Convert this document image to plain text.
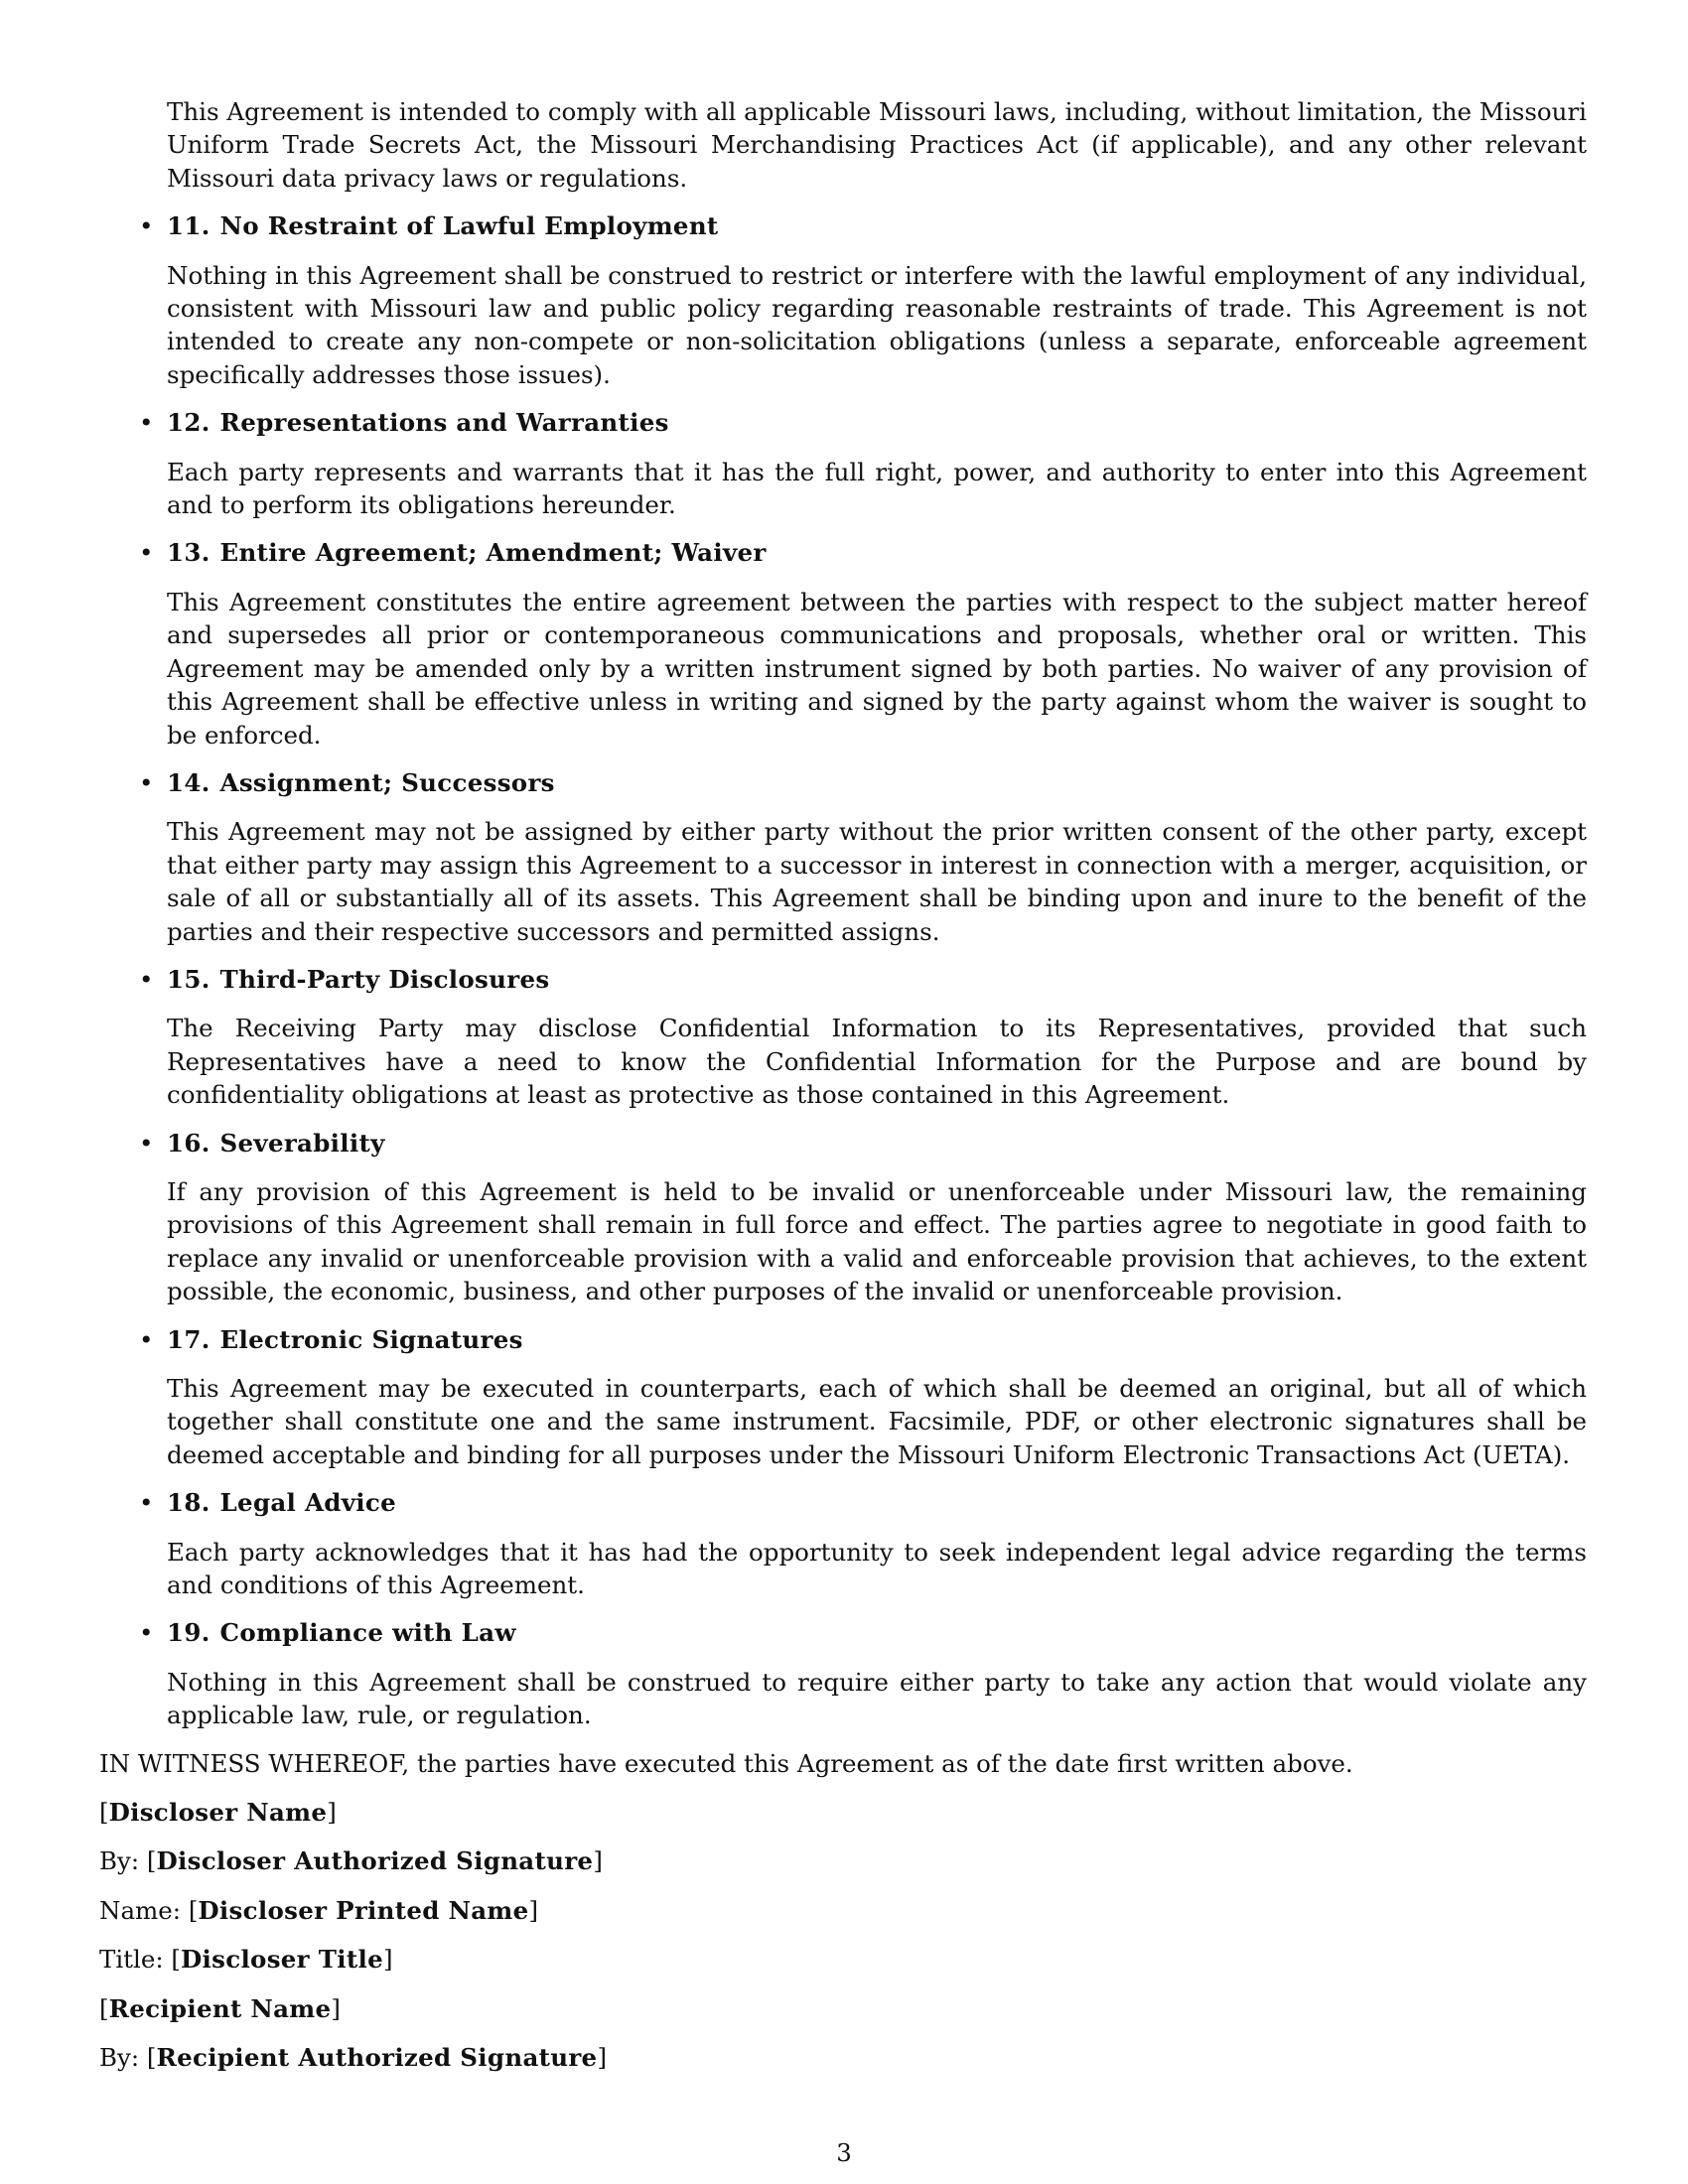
This Agreement is intended to comply with all applicable Missouri laws, including, without limitation, the Missouri Uniform Trade Secrets Act, the Missouri Merchandising Practices Act (if applicable), and any other relevant Missouri data privacy laws or regulations.

• 11. No Restraint of Lawful Employment

Nothing in this Agreement shall be construed to restrict or interfere with the lawful employment of any individual, consistent with Missouri law and public policy regarding reasonable restraints of trade. This Agreement is not intended to create any non-compete or non-solicitation obligations (unless a separate, enforceable agreement specifically addresses those issues).

• 12. Representations and Warranties

Each party represents and warrants that it has the full right, power, and authority to enter into this Agreement and to perform its obligations hereunder.

• 13. Entire Agreement; Amendment; Waiver

This Agreement constitutes the entire agreement between the parties with respect to the subject matter hereof and supersedes all prior or contemporaneous communications and proposals, whether oral or written. This Agreement may be amended only by a written instrument signed by both parties. No waiver of any provision of this Agreement shall be effective unless in writing and signed by the party against whom the waiver is sought to be enforced.

• 14. Assignment; Successors

This Agreement may not be assigned by either party without the prior written consent of the other party, except that either party may assign this Agreement to a successor in interest in connection with a merger, acquisition, or sale of all or substantially all of its assets. This Agreement shall be binding upon and inure to the benefit of the parties and their respective successors and permitted assigns.

• 15. Third-Party Disclosures

The Receiving Party may disclose Confidential Information to its Representatives, provided that such Representatives have a need to know the Confidential Information for the Purpose and are bound by confidentiality obligations at least as protective as those contained in this Agreement.

• 16. Severability

If any provision of this Agreement is held to be invalid or unenforceable under Missouri law, the remaining provisions of this Agreement shall remain in full force and effect. The parties agree to negotiate in good faith to replace any invalid or unenforceable provision with a valid and enforceable provision that achieves, to the extent possible, the economic, business, and other purposes of the invalid or unenforceable provision.

• 17. Electronic Signatures

This Agreement may be executed in counterparts, each of which shall be deemed an original, but all of which together shall constitute one and the same instrument. Facsimile, PDF, or other electronic signatures shall be deemed acceptable and binding for all purposes under the Missouri Uniform Electronic Transactions Act (UETA).

• 18. Legal Advice

Each party acknowledges that it has had the opportunity to seek independent legal advice regarding the terms and conditions of this Agreement.

• 19. Compliance with Law

Nothing in this Agreement shall be construed to require either party to take any action that would violate any applicable law, rule, or regulation.

IN WITNESS WHEREOF, the parties have executed this Agreement as of the date first written above.

[Discloser Name]

By: [Discloser Authorized Signature]

Name: [Discloser Printed Name]

Title: [Discloser Title]

[Recipient Name]

By: [Recipient Authorized Signature]

3
